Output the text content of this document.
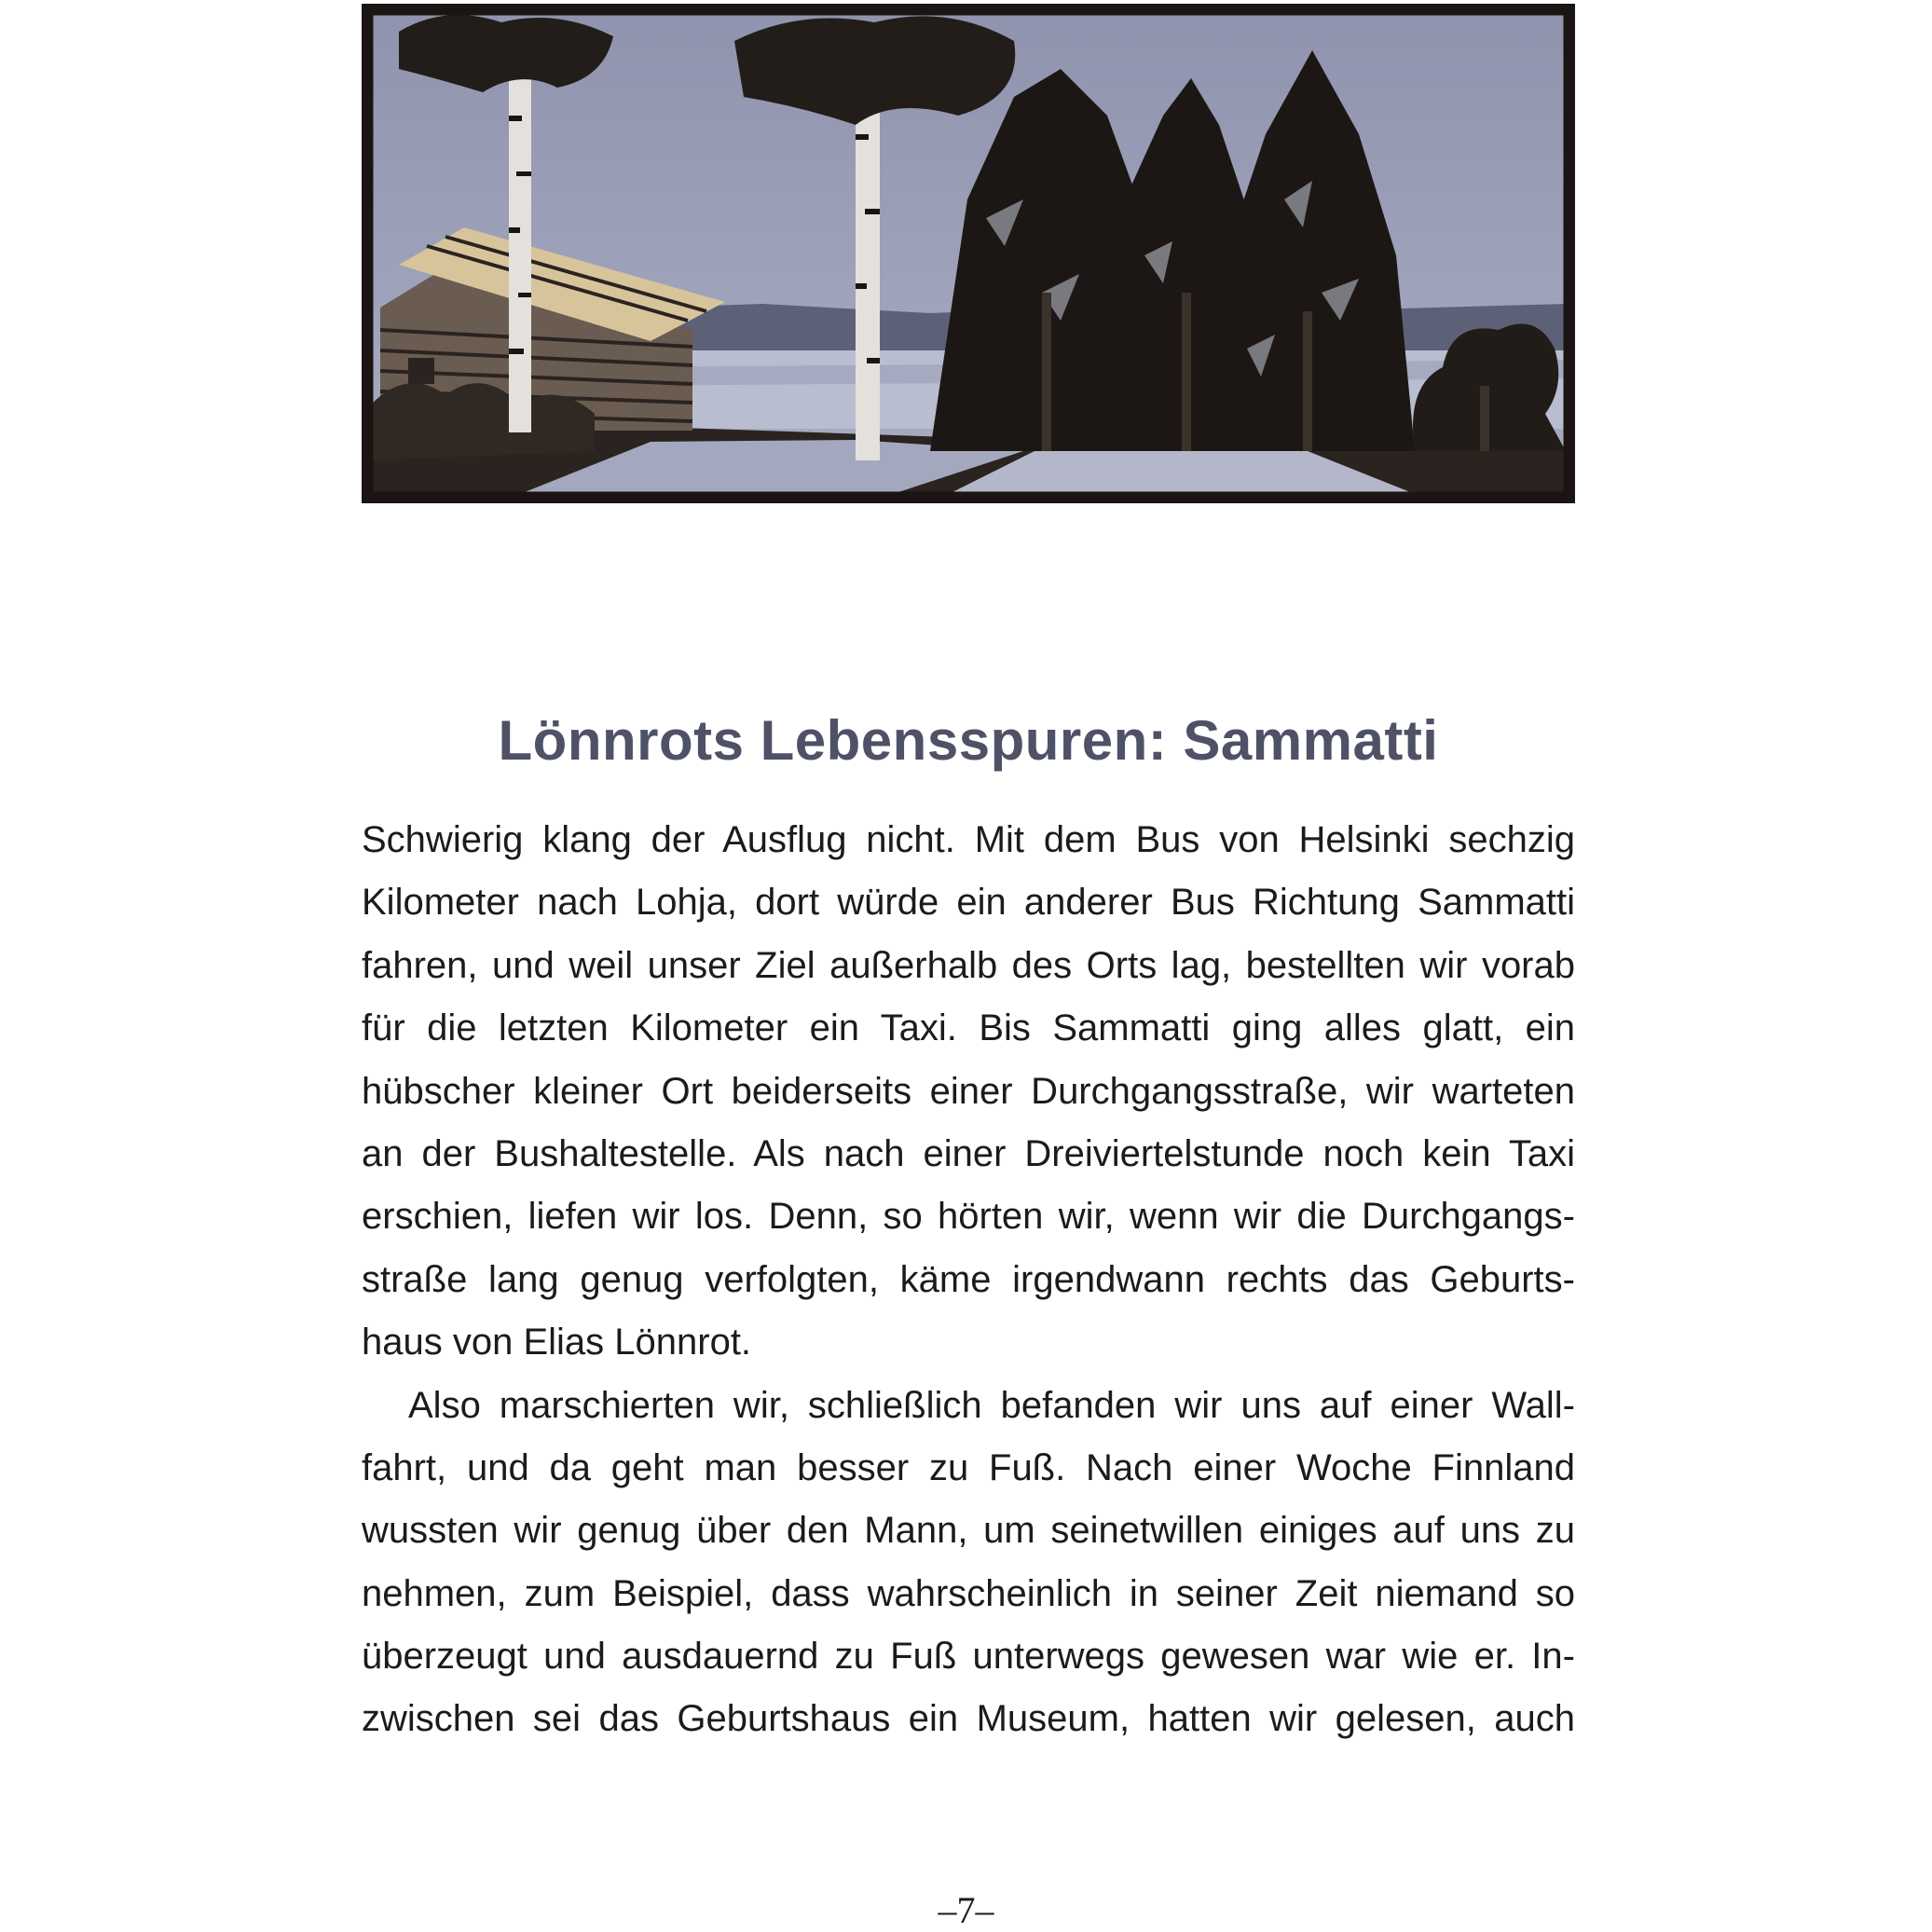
Lönnrots Lebensspuren: Sammatti
Schwierig klang der Ausflug nicht. Mit dem Bus von Helsinki sechzig
Kilometer nach Lohja, dort würde ein anderer Bus Richtung Sammatti
fahren, und weil unser Ziel außerhalb des Orts lag, bestellten wir vorab
für die letzten Kilometer ein Taxi. Bis Sammatti ging alles glatt, ein
hübscher kleiner Ort beiderseits einer Durchgangsstraße, wir warteten
an der Bushaltestelle. Als nach einer Dreiviertelstunde noch kein Taxi
erschien, liefen wir los. Denn, so hörten wir, wenn wir die Durchgangs-
straße lang genug verfolgten, käme irgendwann rechts das Geburts-
haus von Elias Lönnrot.
Also marschierten wir, schließlich befanden wir uns auf einer Wall-
fahrt, und da geht man besser zu Fuß. Nach einer Woche Finnland
wussten wir genug über den Mann, um seinetwillen einiges auf uns zu
nehmen, zum Beispiel, dass wahrscheinlich in seiner Zeit niemand so
überzeugt und ausdauernd zu Fuß unterwegs gewesen war wie er. In-
zwischen sei das Geburtshaus ein Museum, hatten wir gelesen, auch
–7–
